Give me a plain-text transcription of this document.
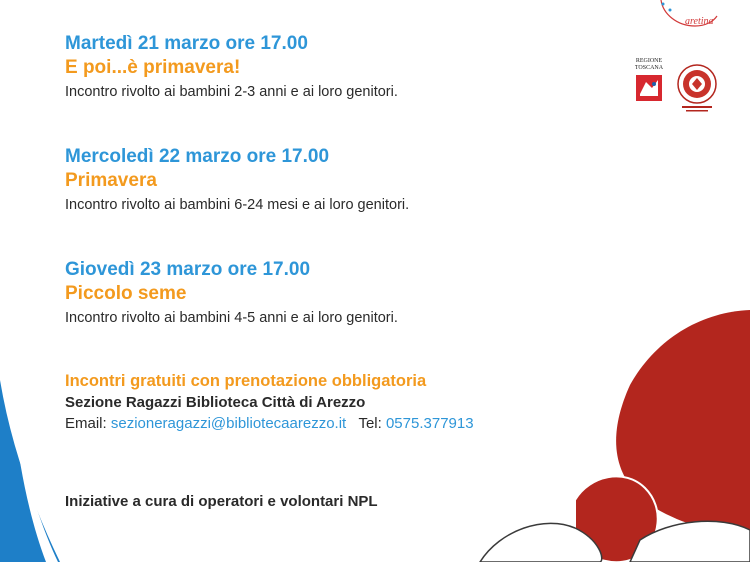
aretina
REGIONE
TOSCANA

Martedì 21 marzo ore 17.00

E poi...è primavera!

Incontro rivolto ai bambini 2-3 anni e ai loro genitori.

Mercoledì 22 marzo ore 17.00

Primavera

Incontro rivolto ai bambini 6-24 mesi e ai loro genitori.

Giovedì 23 marzo ore 17.00

Piccolo seme

Incontro rivolto ai bambini 4-5 anni e ai loro genitori.

Incontri gratuiti con prenotazione obbligatoria

Sezione Ragazzi Biblioteca Città di Arezzo

Email: sezioneragazzi@bibliotecaarezzo.it Tel: 0575.377913

Iniziative a cura di operatori e volontari NPL
